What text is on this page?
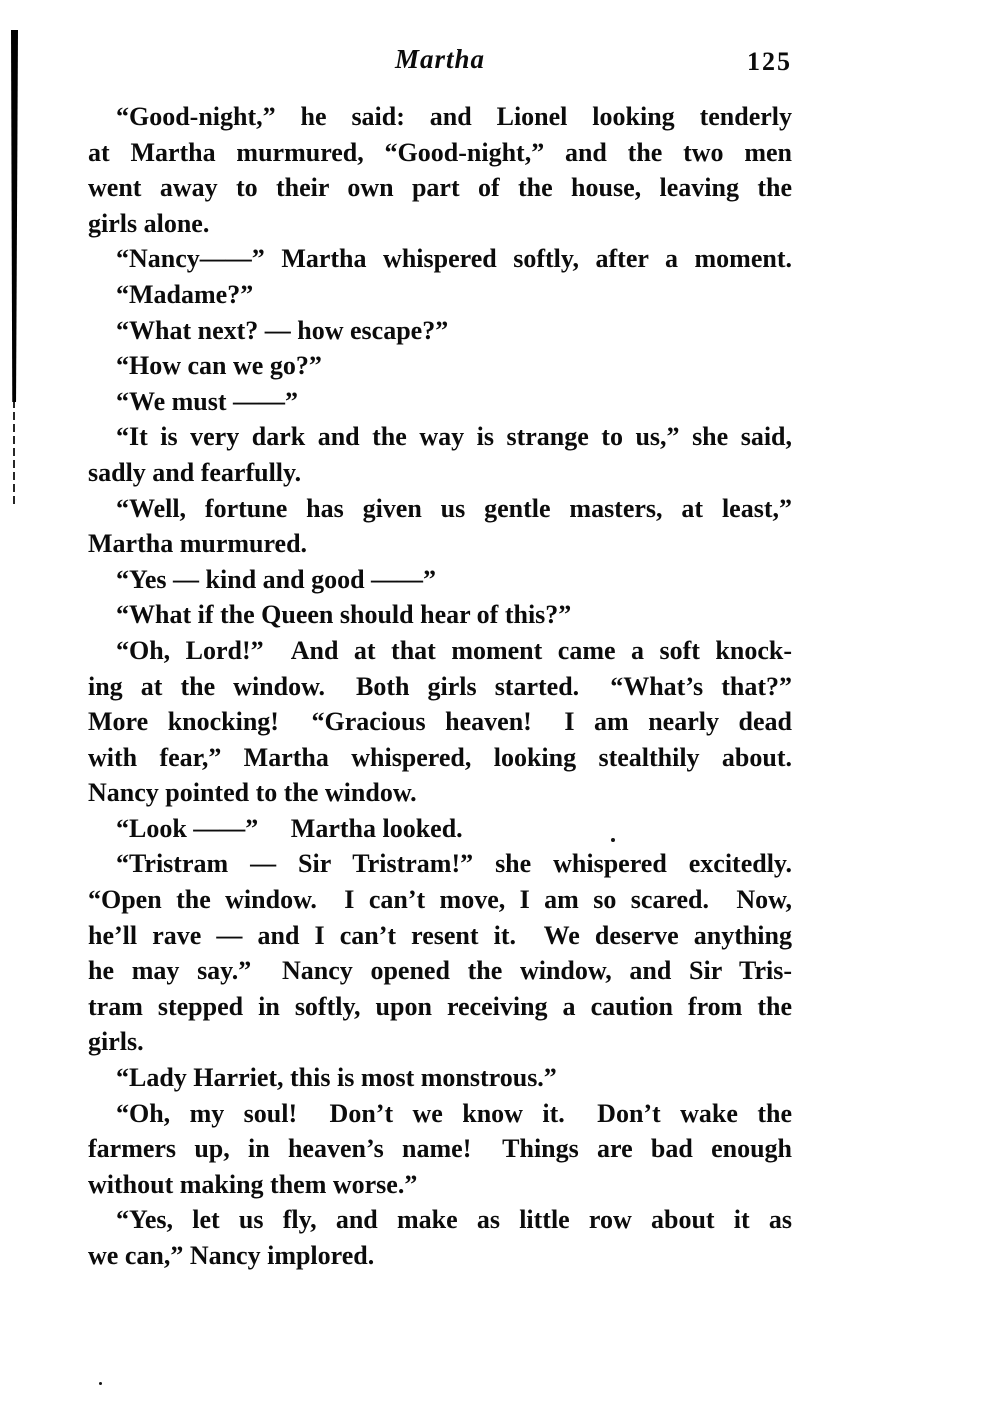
Martha	125
“Good-night,” he said: and Lionel looking tenderly
at Martha murmured, “Good-night,” and the two men
went away to their own part of the house, leaving the
girls alone.
“Nancy——” Martha whispered softly, after a moment.
“Madame?”
“What next? — how escape?”
“How can we go?”
“We must ——”
“It is very dark and the way is strange to us,” she said,
sadly and fearfully.
“Well, fortune has given us gentle masters, at least,”
Martha murmured.
“Yes — kind and good ——”
“What if the Queen should hear of this?”
“Oh, Lord!”  And at that moment came a soft knock-
ing at the window.  Both girls started.  “What’s that?”
More knocking!  “Gracious heaven!  I am nearly dead
with fear,” Martha whispered, looking stealthily about.
Nancy pointed to the window.
“Look ——”   Martha looked.
“Tristram — Sir Tristram!” she whispered excitedly.
“Open the window.  I can’t move, I am so scared.  Now,
he’ll rave — and I can’t resent it.  We deserve anything
he may say.”  Nancy opened the window, and Sir Tris-
tram stepped in softly, upon receiving a caution from the
girls.
“Lady Harriet, this is most monstrous.”
“Oh, my soul!  Don’t we know it.  Don’t wake the
farmers up, in heaven’s name!  Things are bad enough
without making them worse.”
“Yes, let us fly, and make as little row about it as
we can,” Nancy implored.
